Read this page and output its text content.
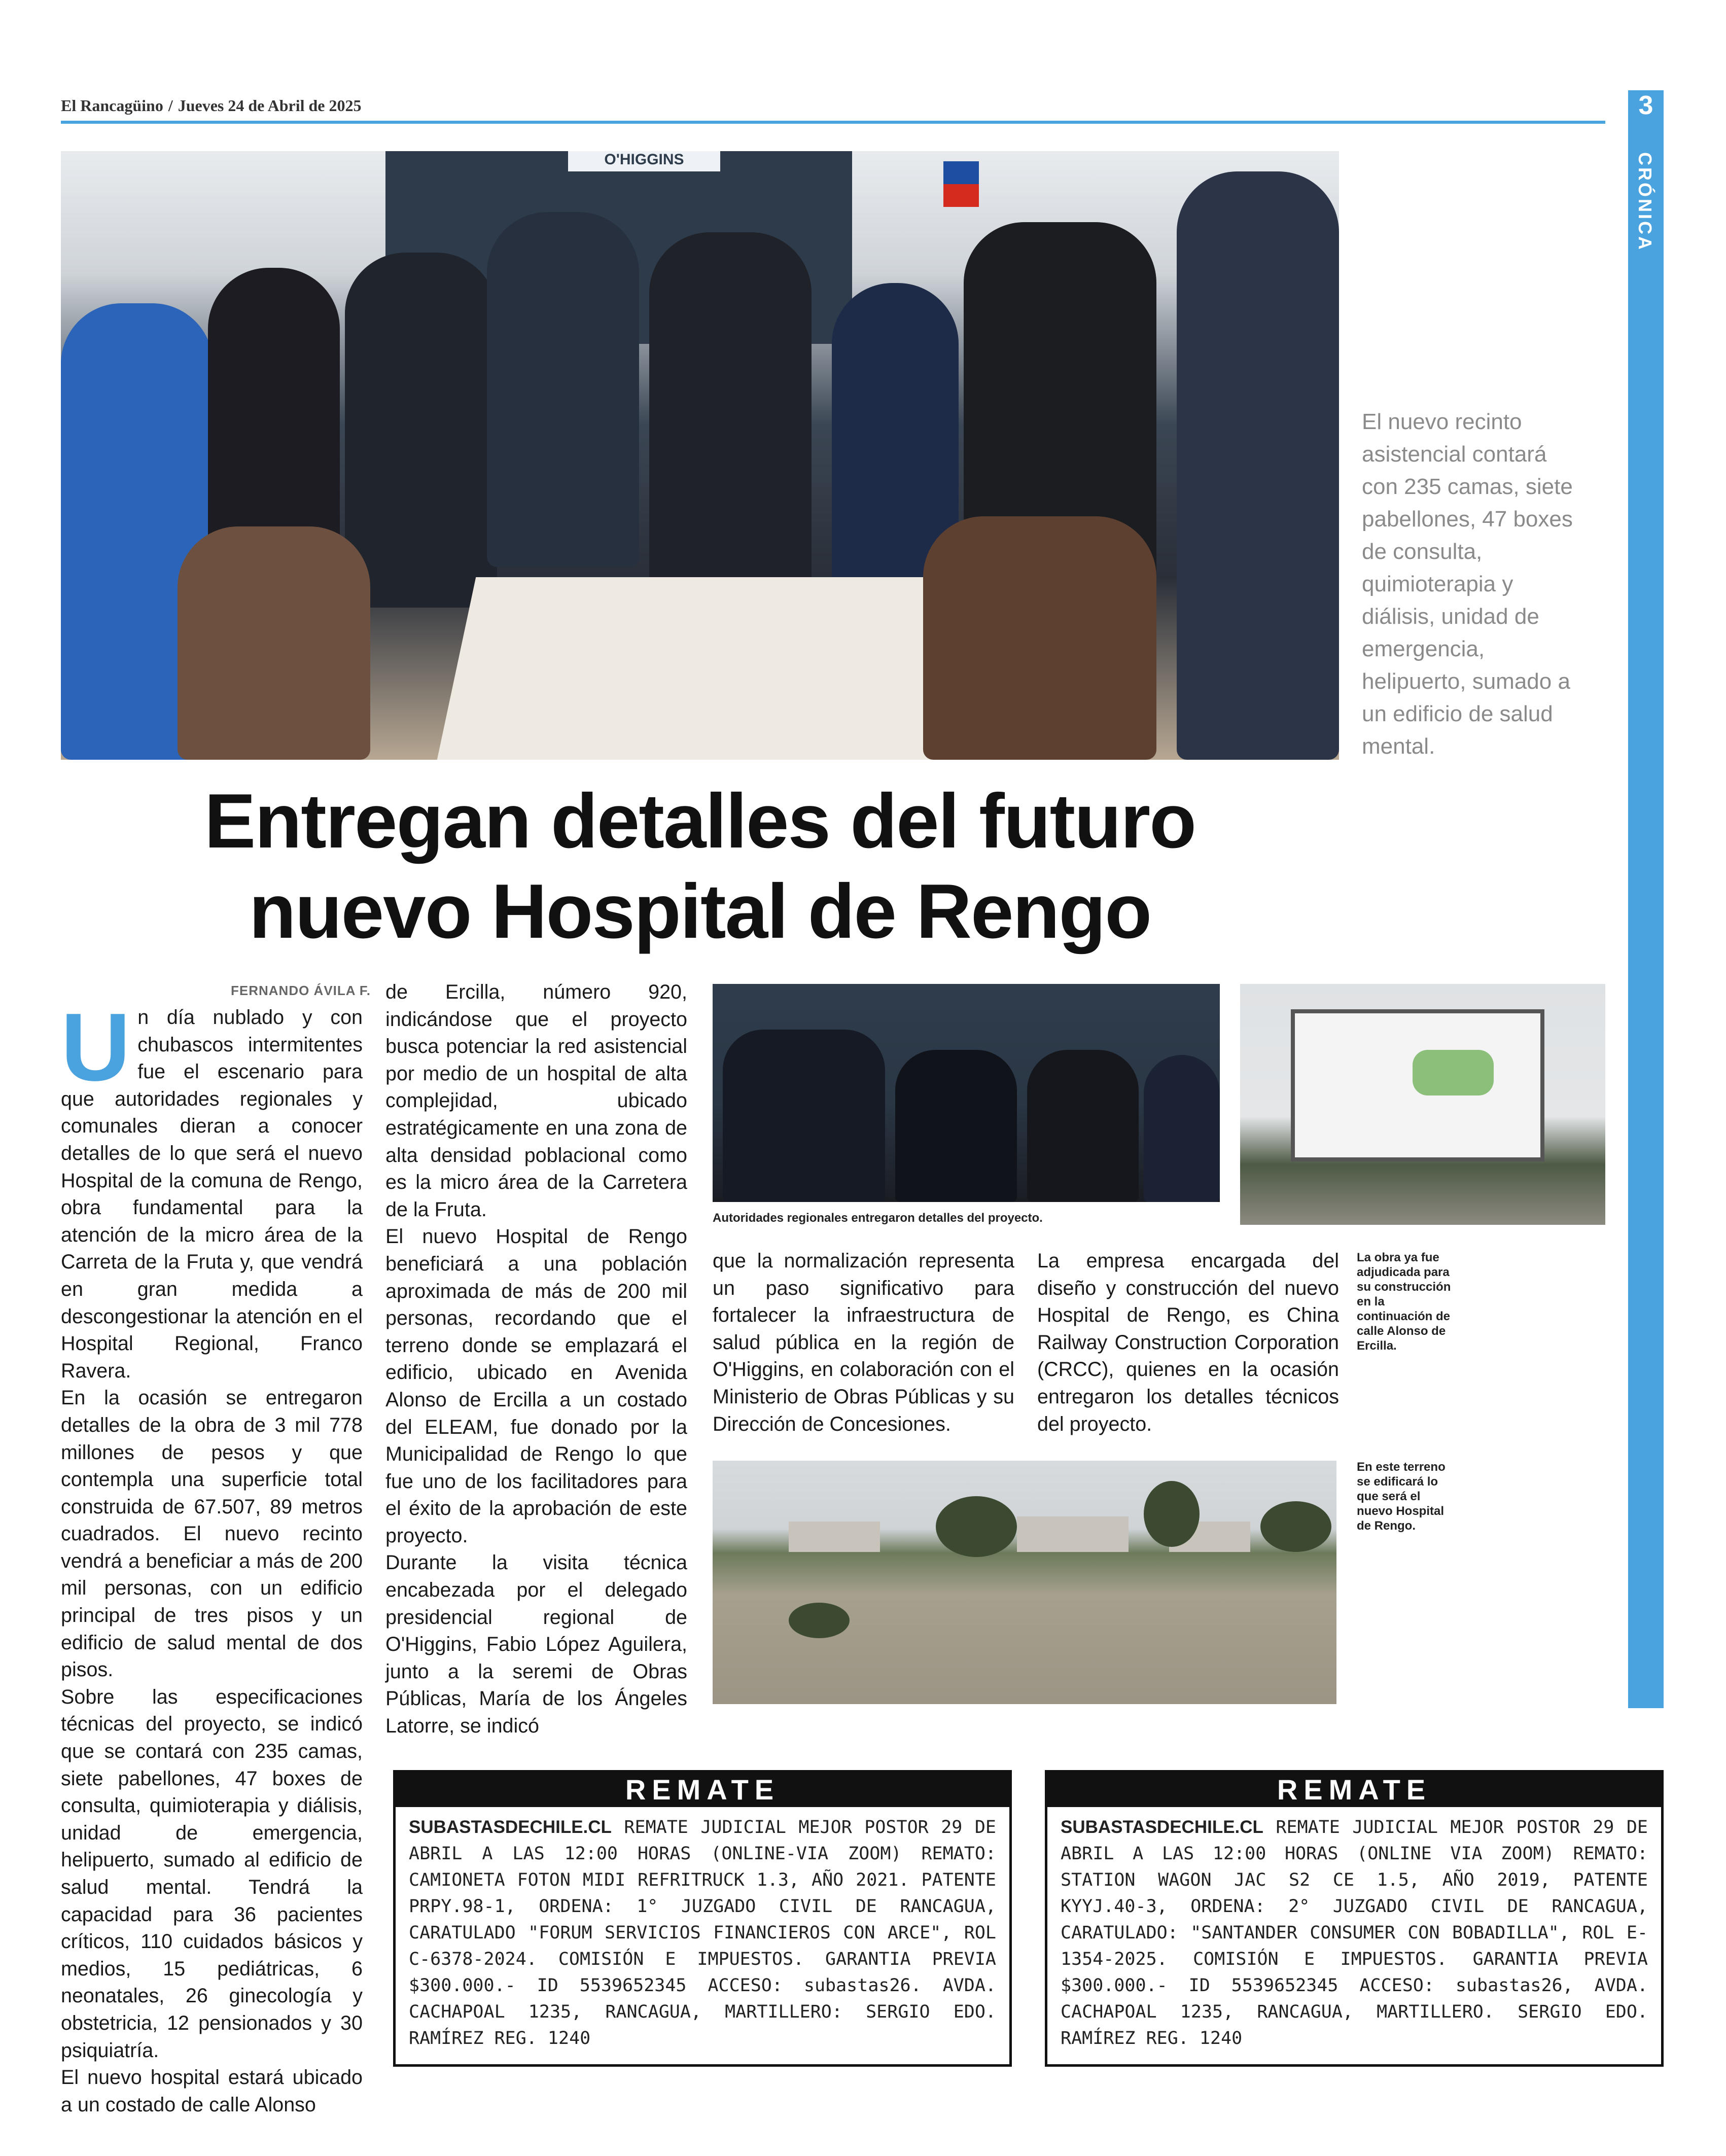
El Rancagüino / Jueves 24 de Abril de 2025	3
CRÓNICA
O'HIGGINS
El nuevo recinto asistencial contará con 235 camas, siete pabellones, 47 boxes de consulta, quimioterapia y diálisis, unidad de emergencia, helipuerto, sumado a un edificio de salud mental.
Entregan detalles del futuro
nuevo Hospital de Rengo
FERNANDO ÁVILA F.

Un día nublado y con chubascos intermitentes fue el escenario para que autoridades regionales y comunales dieran a conocer detalles de lo que será el nuevo Hospital de la comuna de Rengo, obra fundamental para la atención de la micro área de la Carreta de la Fruta y, que vendrá en gran medida a descongestionar la atención en el Hospital Regional, Franco Ravera.

En la ocasión se entregaron detalles de la obra de 3 mil 778 millones de pesos y que contempla una superficie total construida de 67.507, 89 metros cuadrados. El nuevo recinto vendrá a beneficiar a más de 200 mil personas, con un edificio principal de tres pisos y un edificio de salud mental de dos pisos.

Sobre las especificaciones técnicas del proyecto, se indicó que se contará con 235 camas, siete pabellones, 47 boxes de consulta, quimioterapia y diálisis, unidad de emergencia, helipuerto, sumado al edificio de salud mental. Tendrá la capacidad para 36 pacientes críticos, 110 cuidados básicos y medios, 15 pediátricas, 6 neonatales, 26 ginecología y obstetricia, 12 pensionados y 30 psiquiatría.

El nuevo hospital estará ubicado a un costado de calle Alonso

de Ercilla, número 920, indicándose que el proyecto busca potenciar la red asistencial por medio de un hospital de alta complejidad, ubicado estratégicamente en una zona de alta densidad poblacional como es la micro área de la Carretera de la Fruta.

El nuevo Hospital de Rengo beneficiará a una población aproximada de más de 200 mil personas, recordando que el terreno donde se emplazará el edificio, ubicado en Avenida Alonso de Ercilla a un costado del ELEAM, fue donado por la Municipalidad de Rengo lo que fue uno de los facilitadores para el éxito de la aprobación de este proyecto.

Durante la visita técnica encabezada por el delegado presidencial regional de O'Higgins, Fabio López Aguilera, junto a la seremi de Obras Públicas, María de los Ángeles Latorre, se indicó

Autoridades regionales entregaron detalles del proyecto.
La obra ya fue adjudicada para su construcción en la continuación de calle Alonso de Ercilla.

que la normalización representa un paso significativo para fortalecer la infraestructura de salud pública en la región de O'Higgins, en colaboración con el Ministerio de Obras Públicas y su Dirección de Concesiones.

La empresa encargada del diseño y construcción del nuevo Hospital de Rengo, es China Railway Construction Corporation (CRCC), quienes en la ocasión entregaron los detalles técnicos del proyecto.

En este terreno se edificará lo que será el nuevo Hospital de Rengo.
REMATE
SUBASTASDECHILE.CL REMATE JUDICIAL MEJOR POSTOR 29 DE ABRIL A LAS 12:00 HORAS (ONLINE-VIA ZOOM) REMATO: CAMIONETA FOTON MIDI REFRITRUCK 1.3, AÑO 2021. PATENTE PRPY.98-1, ORDENA: 1° JUZGADO CIVIL DE RANCAGUA, CARATULADO "FORUM SERVICIOS FINANCIEROS CON ARCE", ROL C-6378-2024. COMISIÓN E IMPUESTOS. GARANTIA PREVIA $300.000.- ID 5539652345 ACCESO: subastas26. AVDA. CACHAPOAL 1235, RANCAGUA, MARTILLERO: SERGIO EDO. RAMÍREZ REG. 1240
REMATE
SUBASTASDECHILE.CL REMATE JUDICIAL MEJOR POSTOR 29 DE ABRIL A LAS 12:00 HORAS (ONLINE VIA ZOOM) REMATO: STATION WAGON JAC S2 CE 1.5, AÑO 2019, PATENTE KYYJ.40-3, ORDENA: 2° JUZGADO CIVIL DE RANCAGUA, CARATULADO: "SANTANDER CONSUMER CON BOBADILLA", ROL E-1354-2025. COMISIÓN E IMPUESTOS. GARANTIA PREVIA $300.000.- ID 5539652345 ACCESO: subastas26, AVDA. CACHAPOAL 1235, RANCAGUA, MARTILLERO. SERGIO EDO. RAMÍREZ REG. 1240
